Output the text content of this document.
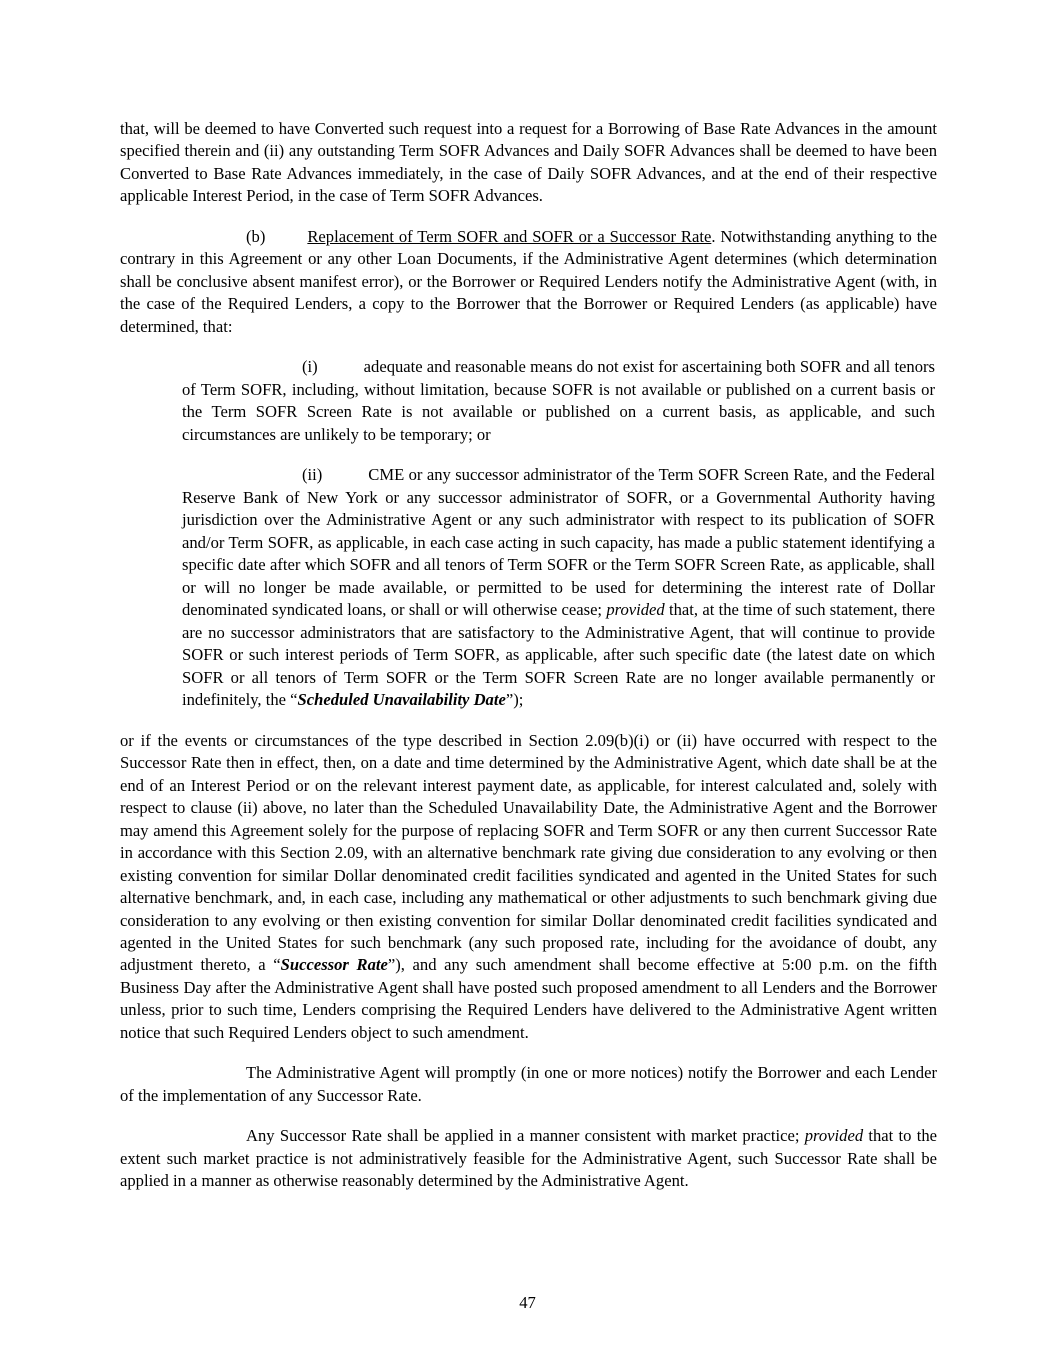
that, will be deemed to have Converted such request into a request for a Borrowing of Base Rate Advances in the amount specified therein and (ii) any outstanding Term SOFR Advances and Daily SOFR Advances shall be deemed to have been Converted to Base Rate Advances immediately, in the case of Daily SOFR Advances, and at the end of their respective applicable Interest Period, in the case of Term SOFR Advances.

(b)	Replacement of Term SOFR and SOFR or a Successor Rate. Notwithstanding anything to the contrary in this Agreement or any other Loan Documents, if the Administrative Agent determines (which determination shall be conclusive absent manifest error), or the Borrower or Required Lenders notify the Administrative Agent (with, in the case of the Required Lenders, a copy to the Borrower that the Borrower or Required Lenders (as applicable) have determined, that:

(i)	adequate and reasonable means do not exist for ascertaining both SOFR and all tenors of Term SOFR, including, without limitation, because SOFR is not available or published on a current basis or the Term SOFR Screen Rate is not available or published on a current basis, as applicable, and such circumstances are unlikely to be temporary; or

(ii)	CME or any successor administrator of the Term SOFR Screen Rate, and the Federal Reserve Bank of New York or any successor administrator of SOFR, or a Governmental Authority having jurisdiction over the Administrative Agent or any such administrator with respect to its publication of SOFR and/or Term SOFR, as applicable, in each case acting in such capacity, has made a public statement identifying a specific date after which SOFR and all tenors of Term SOFR or the Term SOFR Screen Rate, as applicable, shall or will no longer be made available, or permitted to be used for determining the interest rate of Dollar denominated syndicated loans, or shall or will otherwise cease; provided that, at the time of such statement, there are no successor administrators that are satisfactory to the Administrative Agent, that will continue to provide SOFR or such interest periods of Term SOFR, as applicable, after such specific date (the latest date on which SOFR or all tenors of Term SOFR or the Term SOFR Screen Rate are no longer available permanently or indefinitely, the “Scheduled Unavailability Date”);

or if the events or circumstances of the type described in Section 2.09(b)(i) or (ii) have occurred with respect to the Successor Rate then in effect, then, on a date and time determined by the Administrative Agent, which date shall be at the end of an Interest Period or on the relevant interest payment date, as applicable, for interest calculated and, solely with respect to clause (ii) above, no later than the Scheduled Unavailability Date, the Administrative Agent and the Borrower may amend this Agreement solely for the purpose of replacing SOFR and Term SOFR or any then current Successor Rate in accordance with this Section 2.09, with an alternative benchmark rate giving due consideration to any evolving or then existing convention for similar Dollar denominated credit facilities syndicated and agented in the United States for such alternative benchmark, and, in each case, including any mathematical or other adjustments to such benchmark giving due consideration to any evolving or then existing convention for similar Dollar denominated credit facilities syndicated and agented in the United States for such benchmark (any such proposed rate, including for the avoidance of doubt, any adjustment thereto, a “Successor Rate”), and any such amendment shall become effective at 5:00 p.m. on the fifth Business Day after the Administrative Agent shall have posted such proposed amendment to all Lenders and the Borrower unless, prior to such time, Lenders comprising the Required Lenders have delivered to the Administrative Agent written notice that such Required Lenders object to such amendment.

The Administrative Agent will promptly (in one or more notices) notify the Borrower and each Lender of the implementation of any Successor Rate.

Any Successor Rate shall be applied in a manner consistent with market practice; provided that to the extent such market practice is not administratively feasible for the Administrative Agent, such Successor Rate shall be applied in a manner as otherwise reasonably determined by the Administrative Agent.

47
